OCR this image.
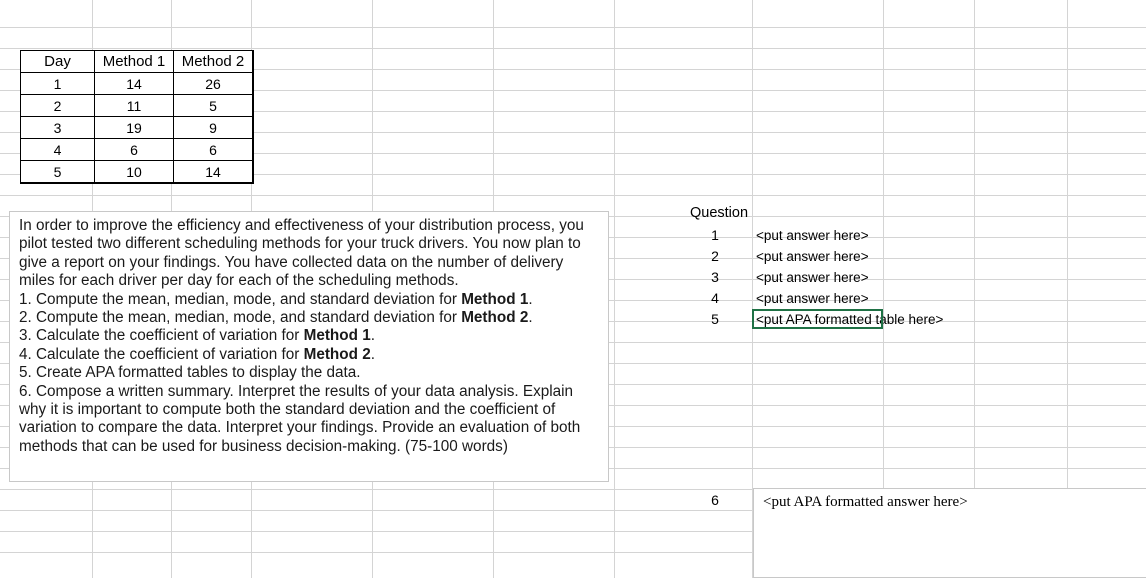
Day	Method 1	Method 2
1	14	26
2	11	5
3	19	9
4	6	6
5	10	14

In order to improve the efficiency and effectiveness of your distribution process, you pilot tested two different scheduling methods for your truck drivers. You now plan to give a report on your findings. You have collected data on the number of delivery miles for each driver per day for each of the scheduling methods.

1. Compute the mean, median, mode, and standard deviation for Method 1.

2. Compute the mean, median, mode, and standard deviation for Method 2.

3. Calculate the coefficient of variation for Method 1.

4. Calculate the coefficient of variation for Method 2.

5. Create APA formatted tables to display the data.

6. Compose a written summary. Interpret the results of your data analysis. Explain why it is important to compute both the standard deviation and the coefficient of variation to compare the data. Interpret your findings. Provide an evaluation of both methods that can be used for business decision-making. (75-100 words)

Question
1	<put answer here>
2	<put answer here>
3	<put answer here>
4	<put answer here>
5	<put APA formatted table here>
6	<put APA formatted answer here>
